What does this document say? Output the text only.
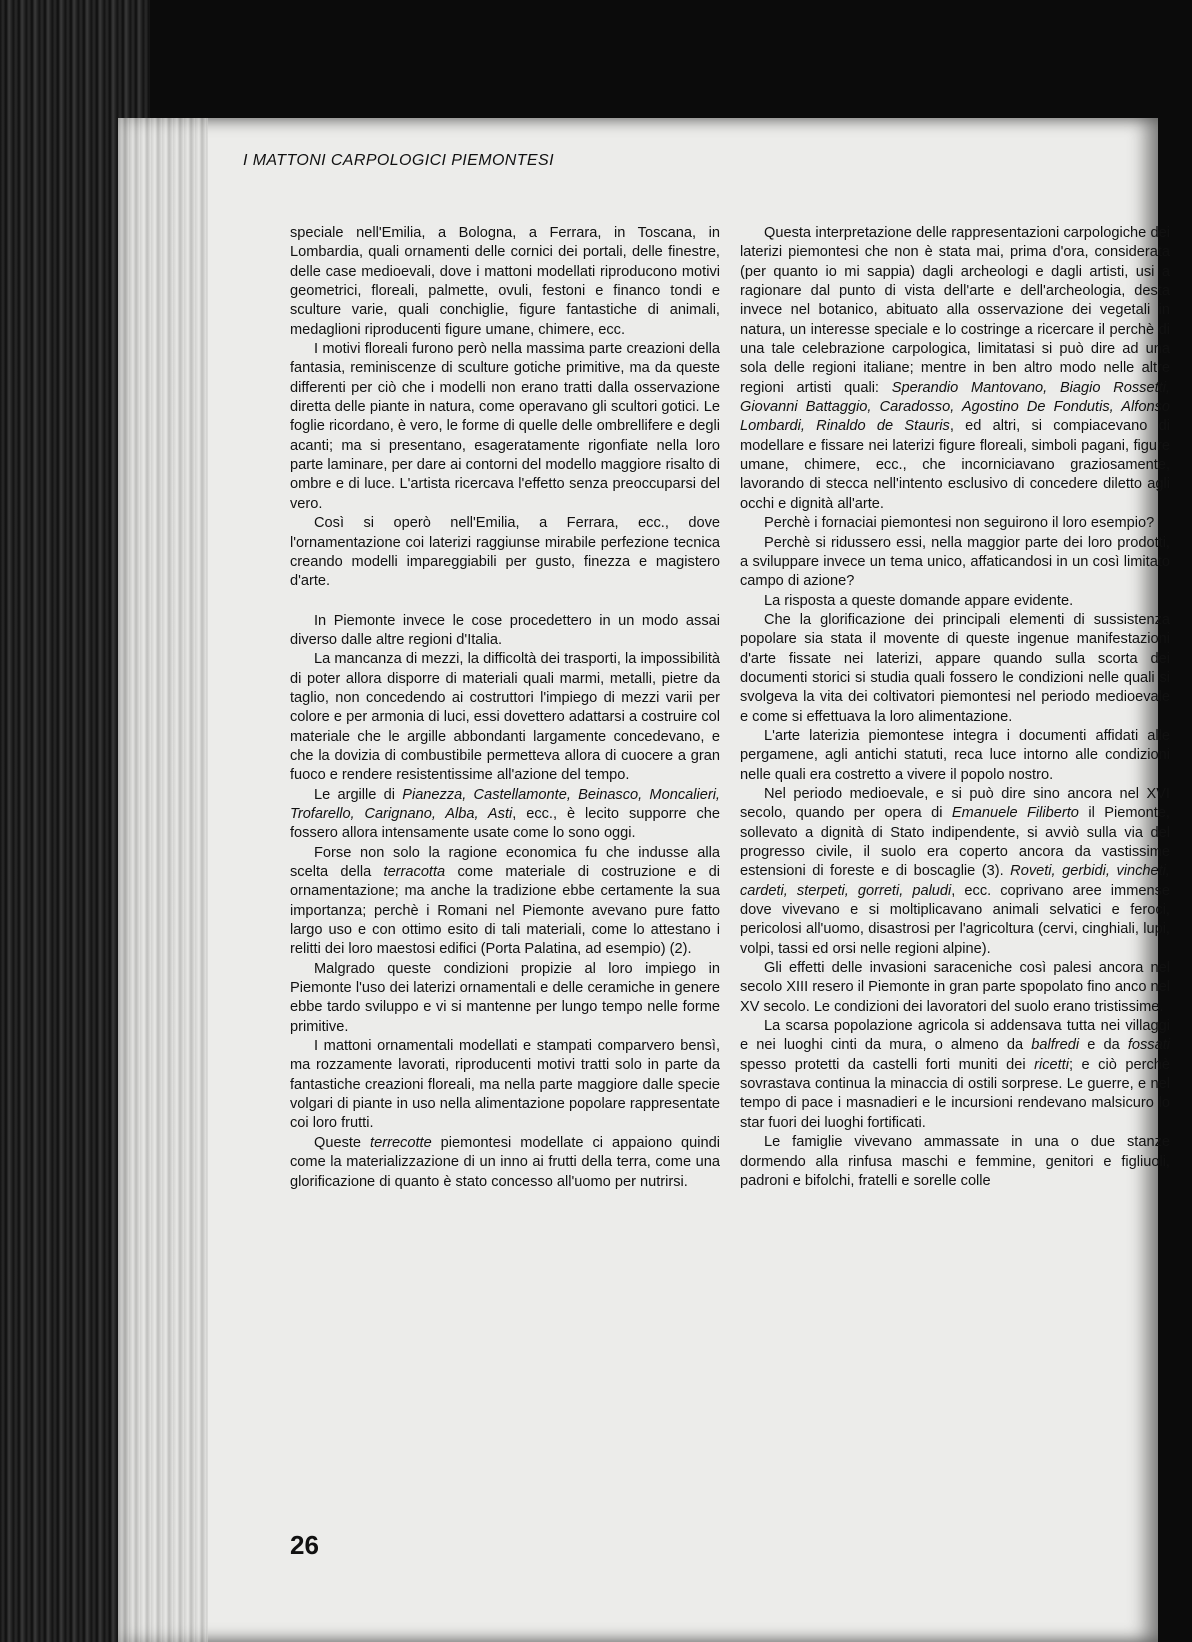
I MATTONI CARPOLOGICI PIEMONTESI

speciale nell'Emilia, a Bologna, a Ferrara, in Toscana, in Lombardia, quali ornamenti delle cornici dei portali, delle finestre, delle case medioevali, dove i mattoni modellati riproducono motivi geometrici, floreali, palmette, ovuli, festoni e financo tondi e sculture varie, quali conchiglie, figure fantastiche di animali, medaglioni riproducenti figure umane, chimere, ecc.

I motivi floreali furono però nella massima parte creazioni della fantasia, reminiscenze di sculture gotiche primitive, ma da queste differenti per ciò che i modelli non erano tratti dalla osservazione diretta delle piante in natura, come operavano gli scultori gotici. Le foglie ricordano, è vero, le forme di quelle delle ombrellifere e degli acanti; ma si presentano, esageratamente rigonfiate nella loro parte laminare, per dare ai contorni del modello maggiore risalto di ombre e di luce. L'artista ricercava l'effetto senza preoccuparsi del vero.

Così si operò nell'Emilia, a Ferrara, ecc., dove l'ornamentazione coi laterizi raggiunse mirabile perfezione tecnica creando modelli impareggiabili per gusto, finezza e magistero d'arte.

In Piemonte invece le cose procedettero in un modo assai diverso dalle altre regioni d'Italia.

La mancanza di mezzi, la difficoltà dei trasporti, la impossibilità di poter allora disporre di materiali quali marmi, metalli, pietre da taglio, non concedendo ai costruttori l'impiego di mezzi varii per colore e per armonia di luci, essi dovettero adattarsi a costruire col materiale che le argille abbondanti largamente concedevano, e che la dovizia di combustibile permetteva allora di cuocere a gran fuoco e rendere resistentissime all'azione del tempo.

Le argille di Pianezza, Castellamonte, Beinasco, Moncalieri, Trofarello, Carignano, Alba, Asti, ecc., è lecito supporre che fossero allora intensamente usate come lo sono oggi.

Forse non solo la ragione economica fu che indusse alla scelta della terracotta come materiale di costruzione e di ornamentazione; ma anche la tradizione ebbe certamente la sua importanza; perchè i Romani nel Piemonte avevano pure fatto largo uso e con ottimo esito di tali materiali, come lo attestano i relitti dei loro maestosi edifici (Porta Palatina, ad esempio) (2).

Malgrado queste condizioni propizie al loro impiego in Piemonte l'uso dei laterizi ornamentali e delle ceramiche in genere ebbe tardo sviluppo e vi si mantenne per lungo tempo nelle forme primitive.

I mattoni ornamentali modellati e stampati comparvero bensì, ma rozzamente lavorati, riproducenti motivi tratti solo in parte da fantastiche creazioni floreali, ma nella parte maggiore dalle specie volgari di piante in uso nella alimentazione popolare rappresentate coi loro frutti.

Queste terrecotte piemontesi modellate ci appaiono quindi come la materializzazione di un inno ai frutti della terra, come una glorificazione di quanto è stato concesso all'uomo per nutrirsi.

Questa interpretazione delle rappresentazioni carpologiche dei laterizi piemontesi che non è stata mai, prima d'ora, considerata (per quanto io mi sappia) dagli archeologi e dagli artisti, usi a ragionare dal punto di vista dell'arte e dell'archeologia, desta invece nel botanico, abituato alla osservazione dei vegetali in natura, un interesse speciale e lo costringe a ricercare il perchè di una tale celebrazione carpologica, limitatasi si può dire ad una sola delle regioni italiane; mentre in ben altro modo nelle altre regioni artisti quali: Sperandio Mantovano, Biagio Rossetti, Giovanni Battaggio, Caradosso, Agostino De Fondutis, Alfonso Lombardi, Rinaldo de Stauris, ed altri, si compiacevano di modellare e fissare nei laterizi figure floreali, simboli pagani, figure umane, chimere, ecc., che incorniciavano graziosamente, lavorando di stecca nell'intento esclusivo di concedere diletto agli occhi e dignità all'arte.

Perchè i fornaciai piemontesi non seguirono il loro esempio?

Perchè si ridussero essi, nella maggior parte dei loro prodotti, a sviluppare invece un tema unico, affaticandosi in un così limitato campo di azione?

La risposta a queste domande appare evidente.

Che la glorificazione dei principali elementi di sussistenza popolare sia stata il movente di queste ingenue manifestazioni d'arte fissate nei laterizi, appare quando sulla scorta dei documenti storici si studia quali fossero le condizioni nelle quali si svolgeva la vita dei coltivatori piemontesi nel periodo medioevale e come si effettuava la loro alimentazione.

L'arte laterizia piemontese integra i documenti affidati alle pergamene, agli antichi statuti, reca luce intorno alle condizioni nelle quali era costretto a vivere il popolo nostro.

Nel periodo medioevale, e si può dire sino ancora nel XVI secolo, quando per opera di Emanuele Filiberto il Piemonte, sollevato a dignità di Stato indipendente, si avviò sulla via del progresso civile, il suolo era coperto ancora da vastissime estensioni di foreste e di boscaglie (3). Roveti, gerbidi, vincheti, cardeti, sterpeti, gorreti, paludi, ecc. coprivano aree immense dove vivevano e si moltiplicavano animali selvatici e feroci, pericolosi all'uomo, disastrosi per l'agricoltura (cervi, cinghiali, lupi, volpi, tassi ed orsi nelle regioni alpine).

Gli effetti delle invasioni saraceniche così palesi ancora nel secolo XIII resero il Piemonte in gran parte spopolato fino anco nel XV secolo. Le condizioni dei lavoratori del suolo erano tristissime.

La scarsa popolazione agricola si addensava tutta nei villaggi e nei luoghi cinti da mura, o almeno da balfredi e da fossati spesso protetti da castelli forti muniti dei ricetti; e ciò perchè sovrastava continua la minaccia di ostili sorprese. Le guerre, e nel tempo di pace i masnadieri e le incursioni rendevano malsicuro lo star fuori dei luoghi fortificati.

Le famiglie vivevano ammassate in una o due stanze dormendo alla rinfusa maschi e femmine, genitori e figliuoli, padroni e bifolchi, fratelli e sorelle colle

26
